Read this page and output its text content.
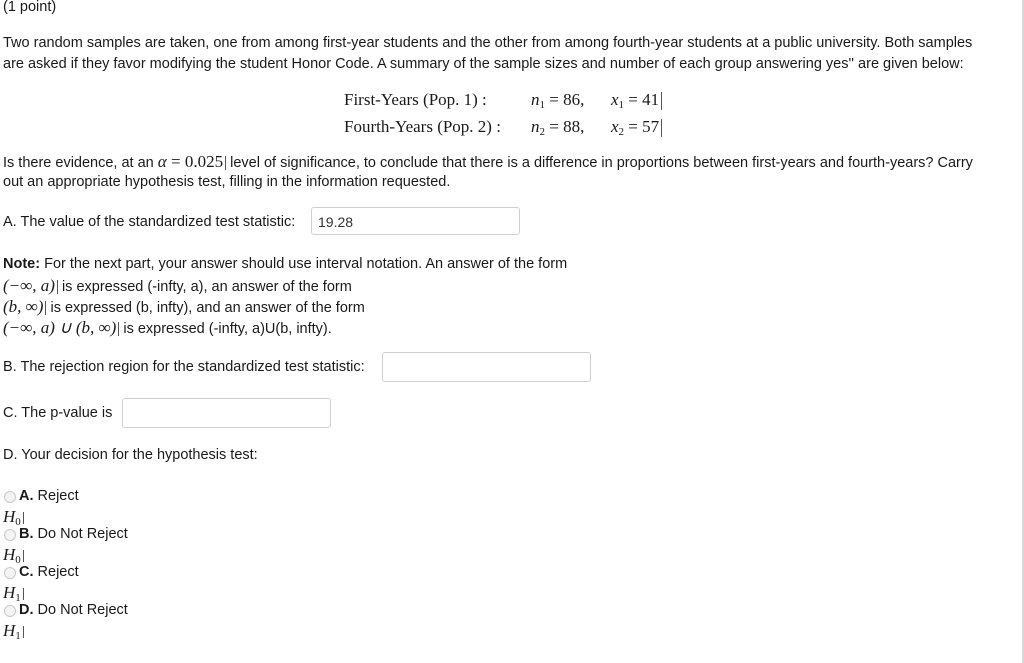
(1 point)
Two random samples are taken, one from among first-year students and the other from among fourth-year students at a public university. Both samples
are asked if they favor modifying the student Honor Code. A summary of the sample sizes and number of each group answering yes'' are given below:
First-Years (Pop. 1) :	$n_1 = 86$, $x_1 = 41$
Fourth-Years (Pop. 2) : $n_2 = 88$, $x_2 = 57$
Is there evidence, at an α = 0.025 level of significance, to conclude that there is a difference in proportions between first-years and fourth-years? Carry
out an appropriate hypothesis test, filling in the information requested.
A. The value of the standardized test statistic:	19.28
Note: For the next part, your answer should use interval notation. An answer of the form
(−∞, a) is expressed (-infty, a), an answer of the form
(b, ∞) is expressed (b, infty), and an answer of the form
(−∞, a) ∪ (b, ∞) is expressed (-infty, a)U(b, infty).
B. The rejection region for the standardized test statistic:
C. The p-value is
D. Your decision for the hypothesis test:
A. Reject
$H_0$
B. Do Not Reject
$H_0$
C. Reject
$H_1$
D. Do Not Reject
$H_1$
